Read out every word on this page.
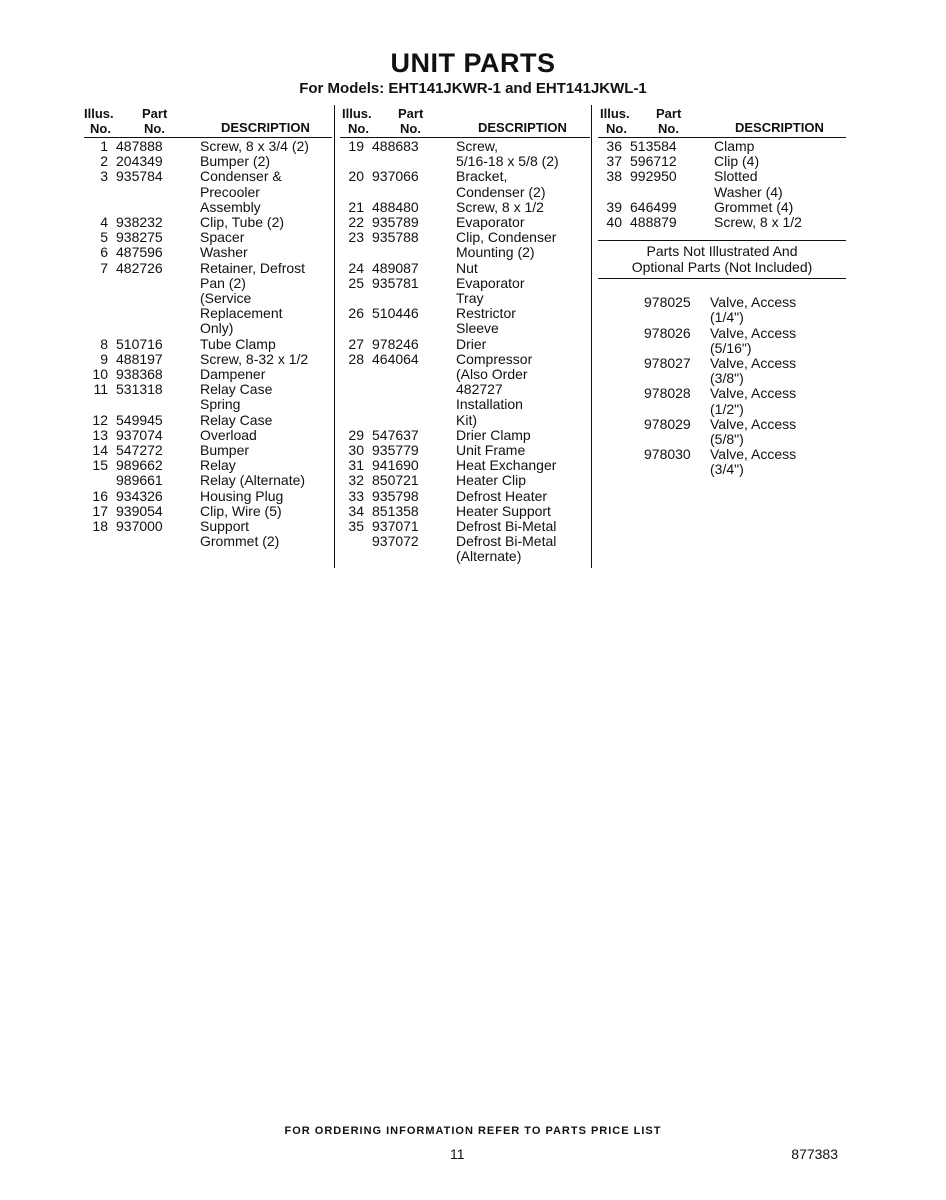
UNIT PARTS
For Models: EHT141JKWR-1 and EHT141JKWL-1
Illus.
No.
Part
No.	DESCRIPTION
1 487888	Screw, 8 x 3/4 (2)
2 204349	Bumper (2)
3 935784	Condenser &
Precooler
Assembly
4 938232	Clip, Tube (2)
5 938275	Spacer
6 487596	Washer
7 482726	Retainer, Defrost
Pan (2)
(Service
Replacement
Only)
8 510716	Tube Clamp
9 488197	Screw, 8-32 x 1/2
10 938368	Dampener
11 531318	Relay Case
Spring
12 549945	Relay Case
13 937074	Overload
14 547272	Bumper
15 989662	Relay
989661	Relay (Alternate)
16 934326	Housing Plug
17 939054	Clip, Wire (5)
18 937000	Support
Grommet (2)
Illus.
No.
Part
No.	DESCRIPTION
19 488683	Screw,
5/16-18 x 5/8 (2)
20 937066	Bracket,
Condenser (2)
21 488480	Screw, 8 x 1/2
22 935789	Evaporator
23 935788	Clip, Condenser
Mounting (2)
24 489087	Nut
25 935781	Evaporator
Tray
26 510446	Restrictor
Sleeve
27 978246	Drier
28 464064	Compressor
(Also Order
482727
Installation
Kit)
29 547637	Drier Clamp
30 935779	Unit Frame
31 941690	Heat Exchanger
32 850721	Heater Clip
33 935798	Defrost Heater
34 851358	Heater Support
35 937071	Defrost Bi-Metal
937072	Defrost Bi-Metal
(Alternate)
Illus.
No.
Part
No.	DESCRIPTION
36 513584	Clamp
37 596712	Clip (4)
38 992950	Slotted
Washer (4)
39 646499	Grommet (4)
40 488879	Screw, 8 x 1/2
Parts Not Illustrated And
Optional Parts (Not Included)
978025	Valve, Access
(1/4")
978026	Valve, Access
(5/16")
978027	Valve, Access
(3/8")
978028	Valve, Access
(1/2")
978029	Valve, Access
(5/8")
978030	Valve, Access
(3/4")
FOR ORDERING INFORMATION REFER TO PARTS PRICE LIST
11	877383
